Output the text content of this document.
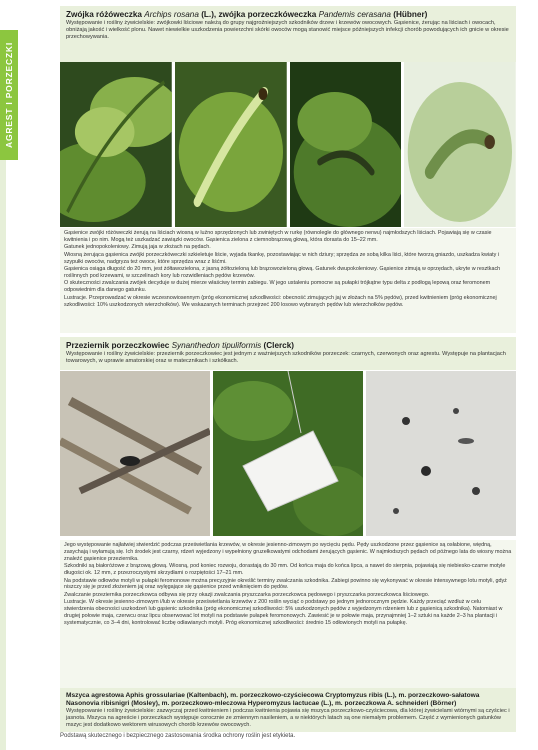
AGREST I PORZECZKI
Zwójka różóweczka Archips rosana (L.), zwójka porzeczkóweczka Pandemis cerasana (Hübner)

Występowanie i rośliny żywicielskie: zwójkowki liściowe należą do grupy najgroźniejszych szkodników drzew i krzewów owocowych. Gąsienice, żerując na liściach i owocach, obniżają jakość i wielkość plonu. Nawet niewielkie uszkodzenia powierzchni skórki owoców mogą stanowić miejsce późniejszych infekcji chorób powodujących ich gnicie w okresie przechowywania.

Gąsienice zwójki różóweczki żerują na liściach wiosną w luźno sprzędzonych lub zwiniętych w rurkę (równolegle do głównego nerwu) najmłodszych liściach. Pojawiają się w czasie kwitnienia i po nim. Mogą też uszkadzać zawiązki owoców. Gąsienica zielona z ciemnobrązową głową, która dorasta do 15–22 mm.

Gatunek jednopokoleniowy. Zimują jaja w złożach na pędach.

Wiosną żerująca gąsienica zwójki porzeczkóweczki szkieletuje liście, wyjada tkankę, pozostawiając w nich dziury; sprzędza ze sobą kilka liści, które tworzą gniazdo, uszkadza kwiaty i szypułki owoców, nadgryza też owoce, które sprzędza wraz z liśćmi.

Gąsienica osiąga długość do 20 mm, jest żółtawozielona, z jasną żółtozieloną lub brązowozieloną głową. Gatunek dwupokoleniowy. Gąsienice zimują w oprzędach, ukryte w resztkach roślinnych pod krzewami, w szczelinach kory lub rozwidleniach pędów krzewów.

O skuteczności zwalczania zwójek decyduje w dużej mierze właściwy termin zabiegu. W jego ustaleniu pomocne są pułapki trójkątne typu delta z podłogą lepową oraz feromonem odpowiednim dla danego gatunku.

Lustracje. Przeprowadzać w okresie wczesnowiosennym (próg ekonomicznej szkodliwości: obecność zimujących jaj w złożach na 5% pędów), przed kwitnieniem (próg ekonomicznej szkodliwości: 10% uszkodzonych wierzchołków). We wskazanych terminach przejrzeć 200 losowo wybranych pędów lub wierzchołków pędów.

Przeziernik porzeczkowiec Synanthedon tipuliformis (Clerck)

Występowanie i rośliny żywicielskie: przeziernik porzeczkowiec jest jednym z ważniejszych szkodników porzeczek: czarnych, czerwonych oraz agrestu. Występuje na plantacjach towarowych, w uprawie amatorskiej oraz w matecznikach i szkółkach.

Jego występowanie najłatwiej stwierdzić podczas prześwietlania krzewów, w okresie jesienno-zimowym po wycięciu pędu. Pędy uszkodzone przez gąsienice są osłabione, więdną, zasychają i wyłamują się. Ich środek jest czarny, rdzeń wyjedzony i wypełniony gruzełkowatymi odchodami żerujących gąsienic. W najmłodszych pędach od późnego lata do wiosny można znaleźć gąsienice przeziernika.

Szkodniki są białoróżowe z brązową głową. Wiosną, pod koniec rozwoju, dorastają do 30 mm. Od końca maja do końca lipca, a nawet do sierpnia, pojawiają się niebiesko-czarne motyle długości ok. 12 mm, z przezroczystymi skrzydłami o rozpiętości 17–21 mm.

Na podstawie odłowów motyli w pułapki feromonowe można precyzyjnie określić terminy zwalczania szkodnika. Zabiegi powinno się wykonywać w okresie intensywnego lotu motyli, gdyż niszczy się je przed złożeniem jaj oraz wylęgające się gąsienice przed wniknięciem do pędów.

Zwalczanie przeziernika porzeczkowca odbywa się przy okazji zwalczania pryszczarka porzeczkowca pędowego i pryszczarka porzeczkowca liściowego.

Lustracje. W okresie jesienno-zimowym i/lub w okresie prześwietlania krzewów z 200 roślin wyciąć o podstawy po jednym jednorocznym pędzie. Każdy przeciąć wzdłuż w celu stwierdzenia obecności uszkodzeń lub gąsienic szkodnika (próg ekonomicznej szkodliwości: 5% uszkodzonych pędów z wyjedzonym rdzeniem lub z gąsienicą szkodnika). Natomiast w drugiej połowie maja, czerwcu oraz lipcu obserwować lot motyli na podstawie pułapek feromonowych. Zawiesić je w połowie maja, przynajmniej 1–2 sztuki na każde 2–3 ha plantacji i systematycznie, co 3–4 dni, kontrolować liczbę odławianych motyli. Próg ekonomicznej szkodliwości: średnio 15 odłowionych motyli na pułapkę.

Mszyca agrestowa Aphis grossulariae (Kaltenbach), m. porzeczkowo-czyściecowa Cryptomyzus ribis (L.), m. porzeczkowo-sałatowa Nasonovia ribisnigri (Mosley), m. porzeczkowo-mleczowa Hyperomyzus lactucae (L.), m. porzeczkowa A. schneideri (Börner)

Występowanie i rośliny żywicielskie: zazwyczaj przed kwitnieniem i podczas kwitnienia pojawia się mszyca porzeczkowo-czyściecowa, dla której żywicielami wtórnymi są czyściec i jasnota. Mszyca na agreście i porzeczkach występuje corocznie ze zmiennym nasileniem, a w niektórych latach są one niemałym problemem. Część z wymienionych gatunków mszyc jest dodatkowo wektorem wirusowych chorób krzewów owocowych.

Podstawą skutecznego i bezpiecznego zastosowania środka ochrony roślin jest etykieta.
